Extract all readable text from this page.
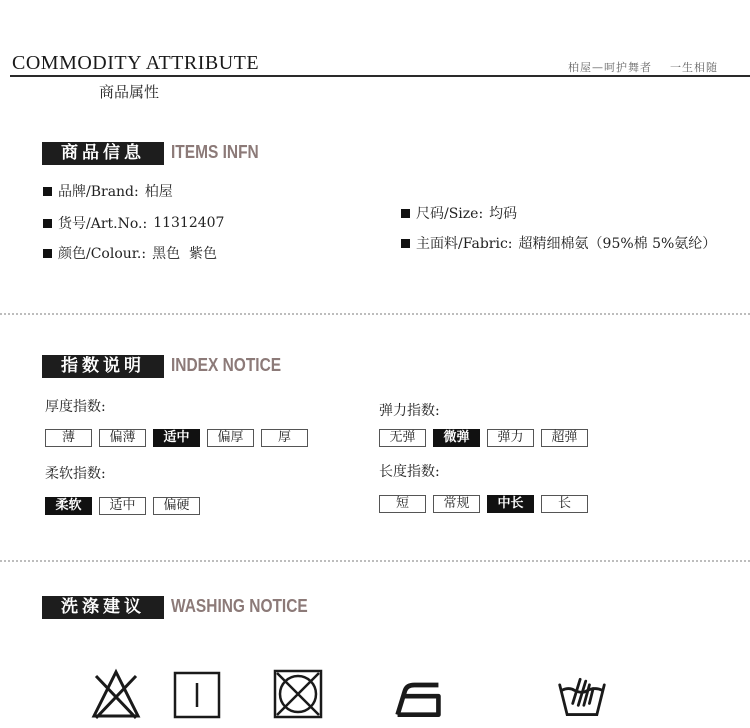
COMMODITY ATTRIBUTE	柏屋—呵护舞者 一生相随
商品属性
商品信息	ITEMS INFN
品牌/Brand: 柏屋
货号/Art.No.: 11312407
颜色/Colour.: 黑色  紫色
尺码/Size: 均码
主面料/Fabric: 超精细棉氨（95%棉 5%氨纶）
指数说明	INDEX NOTICE
厚度指数:
薄	偏薄	适中	偏厚	厚
弹力指数:
无弹	微弹	弹力	超弹
柔软指数:
柔软	适中	偏硬
长度指数:
短	常规	中长	长
洗涤建议	WASHING NOTICE
